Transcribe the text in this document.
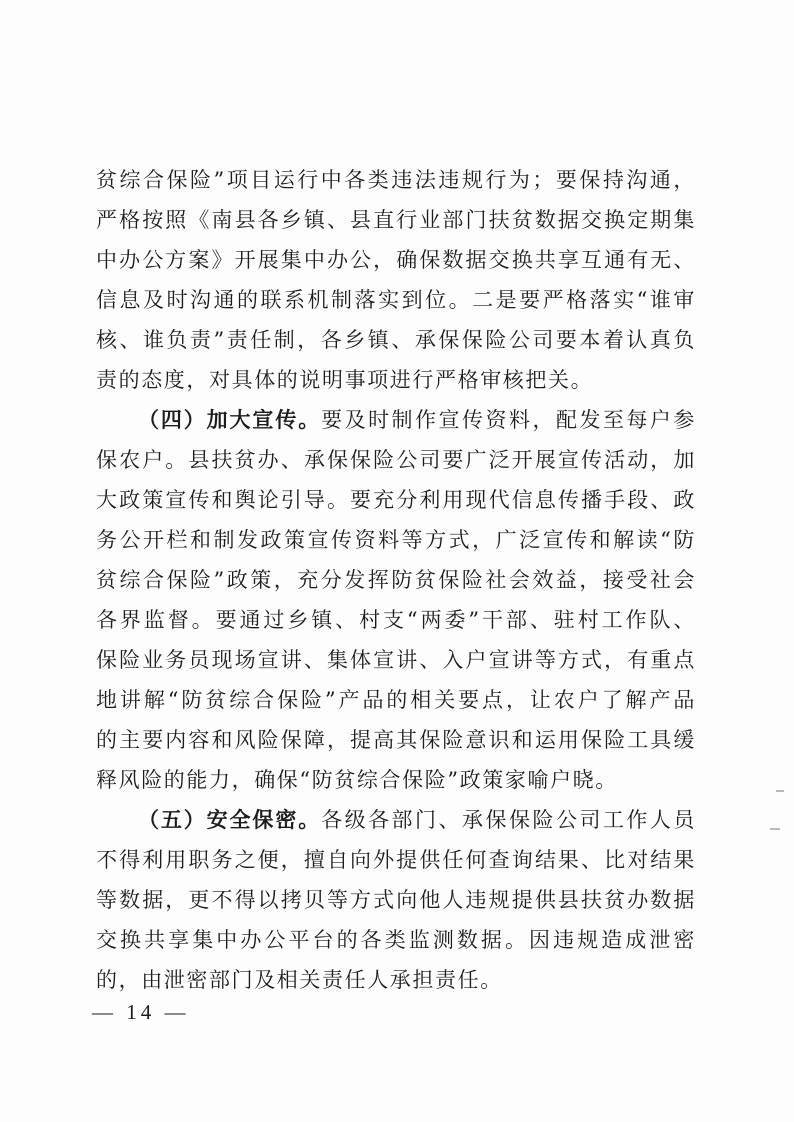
贫综合保险”项目运行中各类违法违规行为；要保持沟通，
严格按照《南县各乡镇、县直行业部门扶贫数据交换定期集
中办公方案》开展集中办公，确保数据交换共享互通有无、
信息及时沟通的联系机制落实到位。二是要严格落实“谁审
核、谁负责”责任制，各乡镇、承保保险公司要本着认真负
责的态度，对具体的说明事项进行严格审核把关。
（四）加大宣传。要及时制作宣传资料，配发至每户参
保农户。县扶贫办、承保保险公司要广泛开展宣传活动，加
大政策宣传和舆论引导。要充分利用现代信息传播手段、政
务公开栏和制发政策宣传资料等方式，广泛宣传和解读“防
贫综合保险”政策，充分发挥防贫保险社会效益，接受社会
各界监督。要通过乡镇、村支“两委”干部、驻村工作队、
保险业务员现场宣讲、集体宣讲、入户宣讲等方式，有重点
地讲解“防贫综合保险”产品的相关要点，让农户了解产品
的主要内容和风险保障，提高其保险意识和运用保险工具缓
释风险的能力，确保“防贫综合保险”政策家喻户晓。
（五）安全保密。各级各部门、承保保险公司工作人员
不得利用职务之便，擅自向外提供任何查询结果、比对结果
等数据，更不得以拷贝等方式向他人违规提供县扶贫办数据
交换共享集中办公平台的各类监测数据。因违规造成泄密
的，由泄密部门及相关责任人承担责任。
— 14 —
